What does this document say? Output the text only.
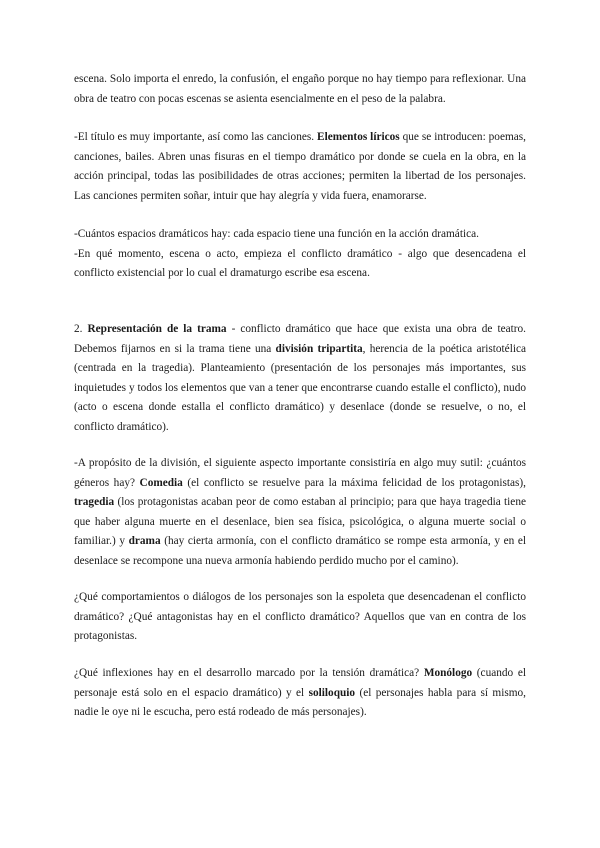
escena. Solo importa el enredo, la confusión, el engaño porque no hay tiempo para reflexionar. Una obra de teatro con pocas escenas se asienta esencialmente en el peso de la palabra.

-El título es muy importante, así como las canciones. Elementos líricos que se introducen: poemas, canciones, bailes. Abren unas fisuras en el tiempo dramático por donde se cuela en la obra, en la acción principal, todas las posibilidades de otras acciones; permiten la libertad de los personajes. Las canciones permiten soñar, intuir que hay alegría y vida fuera, enamorarse.

-Cuántos espacios dramáticos hay: cada espacio tiene una función en la acción dramática.

-En qué momento, escena o acto, empieza el conflicto dramático - algo que desencadena el conflicto existencial por lo cual el dramaturgo escribe esa escena.

2. Representación de la trama - conflicto dramático que hace que exista una obra de teatro. Debemos fijarnos en si la trama tiene una división tripartita, herencia de la poética aristotélica (centrada en la tragedia). Planteamiento (presentación de los personajes más importantes, sus inquietudes y todos los elementos que van a tener que encontrarse cuando estalle el conflicto), nudo (acto o escena donde estalla el conflicto dramático) y desenlace (donde se resuelve, o no, el conflicto dramático).

-A propósito de la división, el siguiente aspecto importante consistiría en algo muy sutil: ¿cuántos géneros hay? Comedia (el conflicto se resuelve para la máxima felicidad de los protagonistas), tragedia (los protagonistas acaban peor de como estaban al principio; para que haya tragedia tiene que haber alguna muerte en el desenlace, bien sea física, psicológica, o alguna muerte social o familiar.) y drama (hay cierta armonía, con el conflicto dramático se rompe esta armonía, y en el desenlace se recompone una nueva armonía habiendo perdido mucho por el camino).

¿Qué comportamientos o diálogos de los personajes son la espoleta que desencadenan el conflicto dramático? ¿Qué antagonistas hay en el conflicto dramático? Aquellos que van en contra de los protagonistas.

¿Qué inflexiones hay en el desarrollo marcado por la tensión dramática? Monólogo (cuando el personaje está solo en el espacio dramático) y el soliloquio (el personajes habla para sí mismo, nadie le oye ni le escucha, pero está rodeado de más personajes).
